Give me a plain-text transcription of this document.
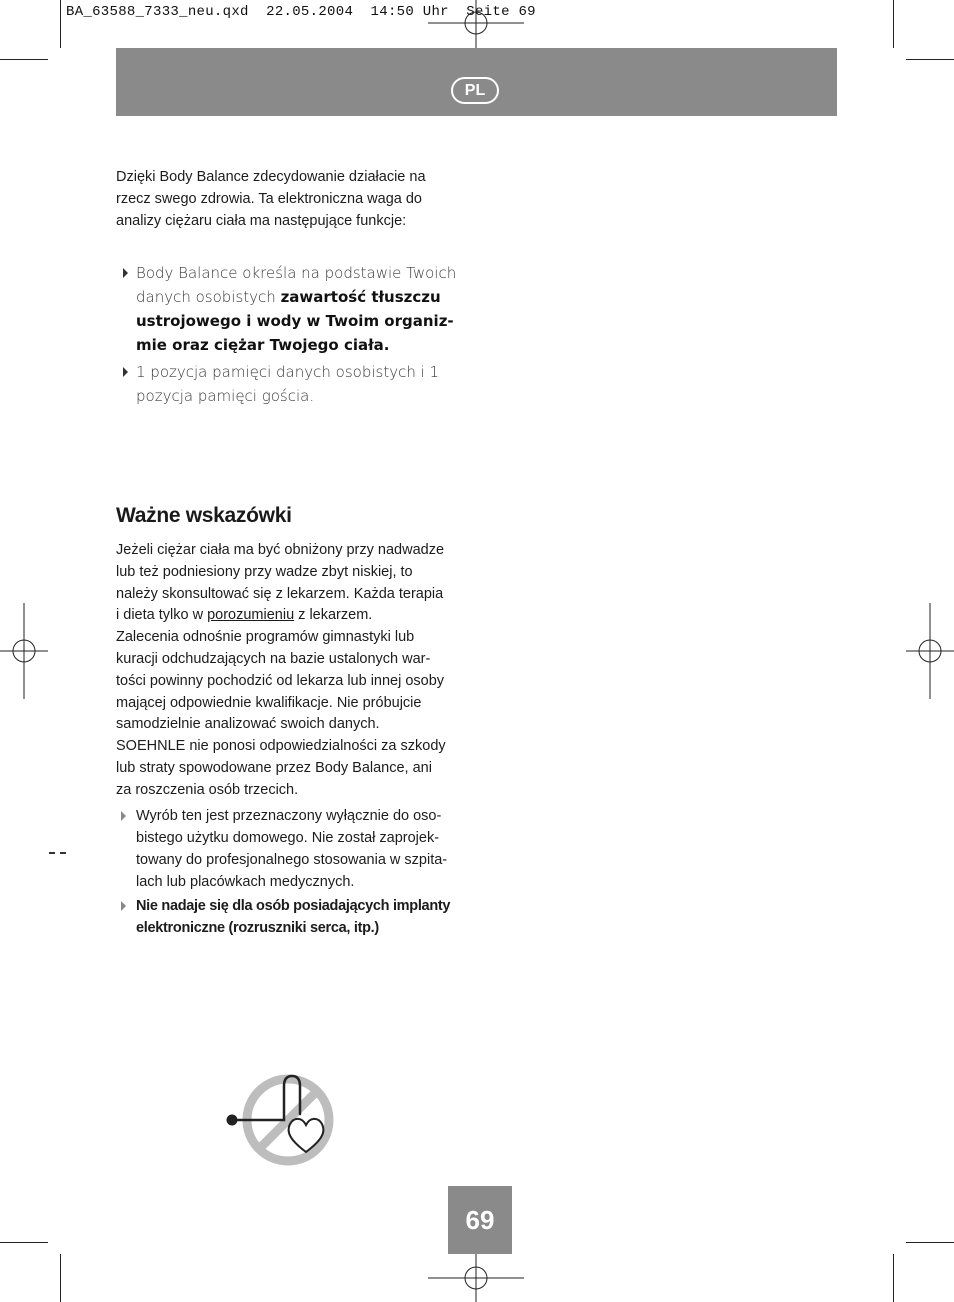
BA_63588_7333_neu.qxd  22.05.2004  14:50 Uhr  Seite 69
PL
Dzięki Body Balance zdecydowanie działacie na
rzecz swego zdrowia. Ta elektroniczna waga do
analizy ciężaru ciała ma następujące funkcje:
Body Balance określa na podstawie Twoich danych osobistych zawartość tłuszczu ustrojowego i wody w Twoim organiz-mie oraz ciężar Twojego ciała.
1 pozycja pamięci danych osobistych i 1 pozycja pamięci gościa.
Ważne wskazówki
Jeżeli ciężar ciała ma być obniżony przy nadwadze
lub też podniesiony przy wadze zbyt niskiej, to
należy skonsultować się z lekarzem. Każda terapia
i dieta tylko w porozumieniu z lekarzem.
Zalecenia odnośnie programów gimnastyki lub
kuracji odchudzających na bazie ustalonych war-
tości powinny pochodzić od lekarza lub innej osoby
mającej odpowiednie kwalifikacje. Nie próbujcie
samodzielnie analizować swoich danych.
SOEHNLE nie ponosi odpowiedzialności za szkody
lub straty spowodowane przez Body Balance, ani
za roszczenia osób trzecich.
Wyrób ten jest przeznaczony wyłącznie do oso-
bistego użytku domowego. Nie został zaprojek-
towany do profesjonalnego stosowania w szpita-
lach lub placówkach medycznych.
Nie nadaje się dla osób posiadających implanty
elektroniczne (rozruszniki serca, itp.)
69
